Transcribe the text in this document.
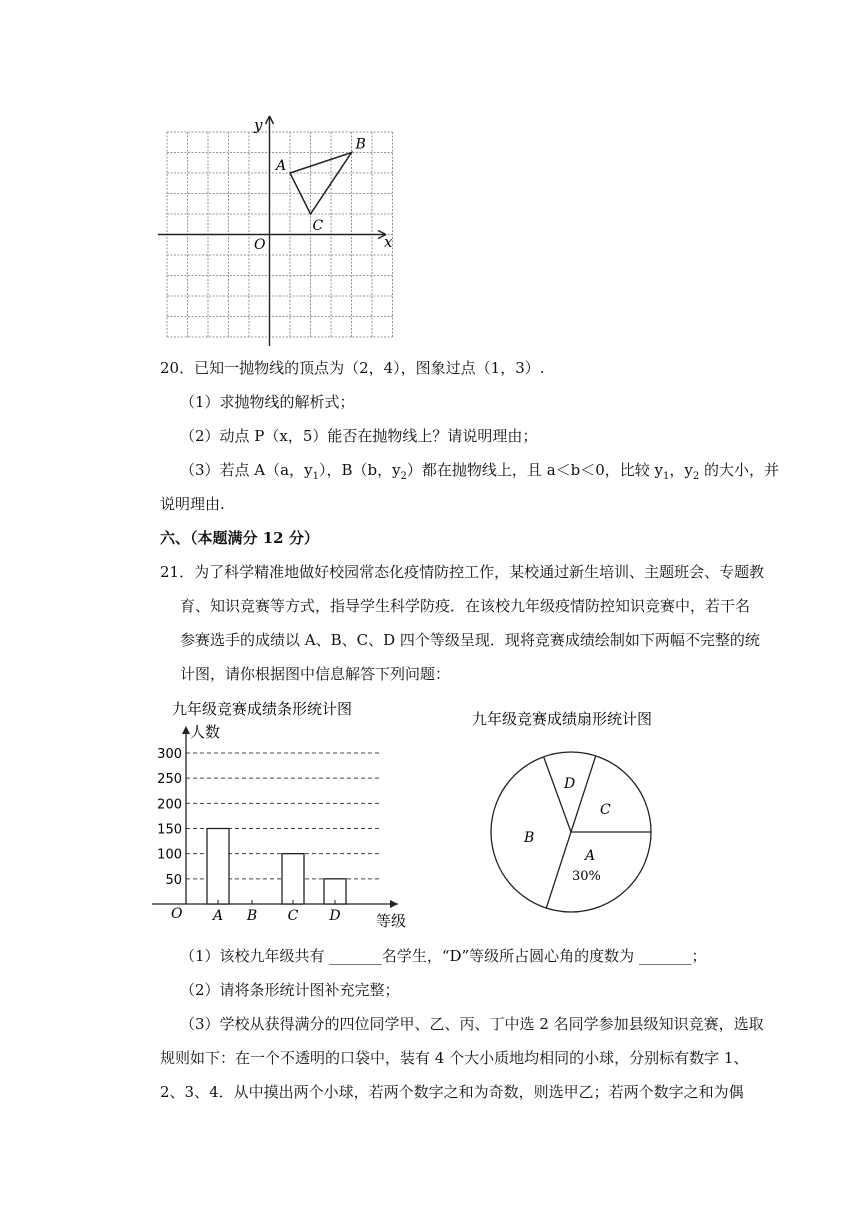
x
y
O
A
B
C
20．已知一抛物线的顶点为（2，4），图象过点（1，3）.
（1）求抛物线的解析式；
（2）动点 P（x，5）能否在抛物线上？请说明理由；
（3）若点 A（a，$y_1$），B（b，$y_2$）都在抛物线上，且 a＜b＜0，比较 $y_1$，$y_2$ 的大小，并
说明理由.
六、（本题满分 12 分）
21．为了科学精准地做好校园常态化疫情防控工作，某校通过新生培训、主题班会、专题教
育、知识竞赛等方式，指导学生科学防疫．在该校九年级疫情防控知识竞赛中，若干名
参赛选手的成绩以 A、B、C、D 四个等级呈现．现将竞赛成绩绘制如下两幅不完整的统
计图，请你根据图中信息解答下列问题：
九年级竞赛成绩条形统计图
人数
等级
O
50
100
150
200
250
300
A B C D
九年级竞赛成绩扇形统计图
A
30%
B
C
D
（1）该校九年级共有 _______名学生，“D”等级所占圆心角的度数为 _______；
（2）请将条形统计图补充完整；
（3）学校从获得满分的四位同学甲、乙、丙、丁中选 2 名同学参加县级知识竞赛，选取
规则如下：在一个不透明的口袋中，装有 4 个大小质地均相同的小球，分别标有数字 1、
2、3、4．从中摸出两个小球，若两个数字之和为奇数，则选甲乙；若两个数字之和为偶
